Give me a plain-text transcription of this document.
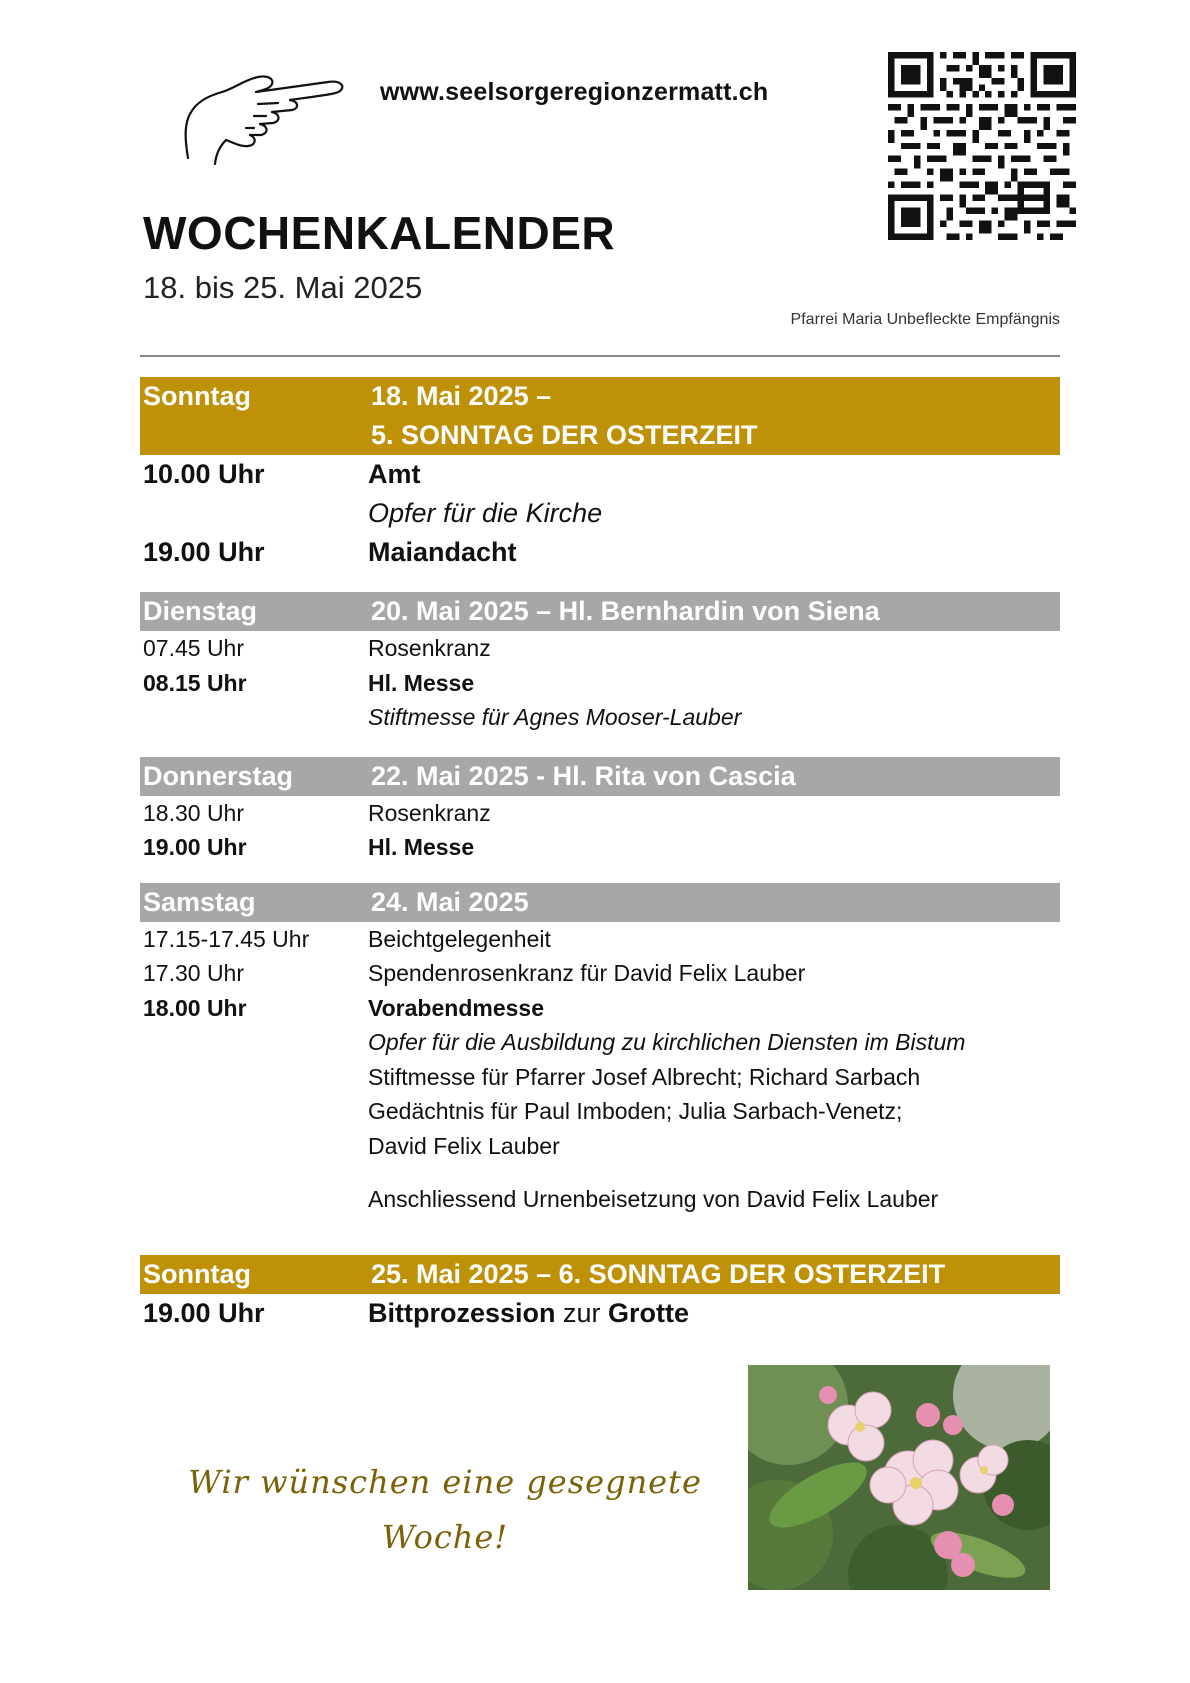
www.seelsorgeregionzermatt.ch
WOCHENKALENDER
18. bis 25. Mai 2025
Pfarrei Maria Unbefleckte Empfängnis
Sonntag	18. Mai 2025 –
5. SONNTAG DER OSTERZEIT
10.00 Uhr	Amt
Opfer für die Kirche
19.00 Uhr	Maiandacht
Dienstag	20. Mai 2025 – Hl. Bernhardin von Siena
07.45 Uhr	Rosenkranz
08.15 Uhr	Hl. Messe
Stiftmesse für Agnes Mooser-Lauber
Donnerstag	22. Mai 2025 - Hl. Rita von Cascia
18.30 Uhr	Rosenkranz
19.00 Uhr	Hl. Messe
Samstag	24. Mai 2025
17.15-17.45 Uhr	Beichtgelegenheit
17.30 Uhr	Spendenrosenkranz für David Felix Lauber
18.00 Uhr	Vorabendmesse
Opfer für die Ausbildung zu kirchlichen Diensten im Bistum
Stiftmesse für Pfarrer Josef Albrecht; Richard Sarbach
Gedächtnis für Paul Imboden; Julia Sarbach-Venetz;
David Felix Lauber
Anschliessend Urnenbeisetzung von David Felix Lauber
Sonntag	25. Mai 2025 – 6. SONNTAG DER OSTERZEIT
19.00 Uhr	Bittprozession zur Grotte
Wir wünschen eine gesegnete
Woche!
